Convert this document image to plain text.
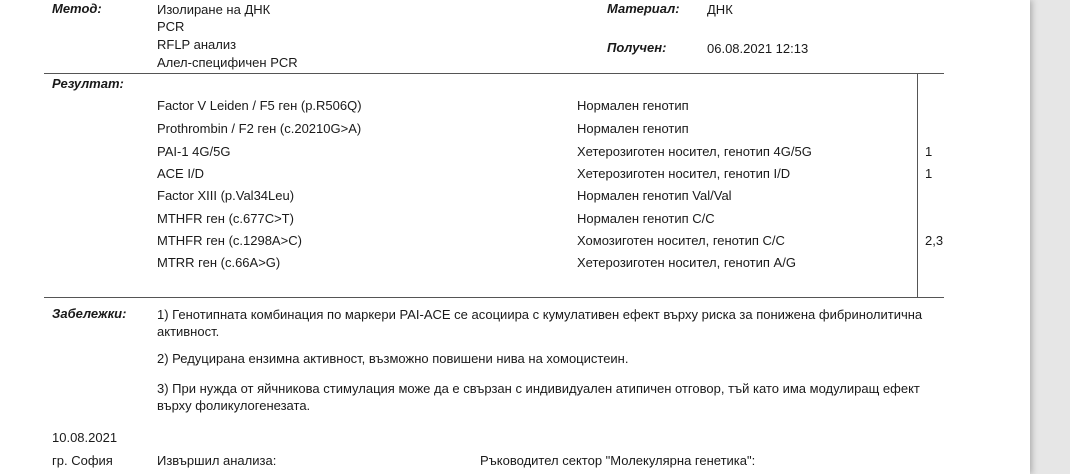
Метод:	Изолиране на ДНК
PCR
RFLP анализ
Алел-специфичен PCR
Материал: ДНК
Получен:	06.08.2021 12:13
Резултат:
Factor V Leiden / F5 ген (p.R506Q)	Нормален генотип
Prothrombin / F2 ген (c.20210G>A)	Нормален генотип
PAI-1 4G/5G	Хетерозиготен носител, генотип 4G/5G	1
ACE I/D	Хетерозиготен носител, генотип I/D	1
Factor XIII (p.Val34Leu)	Нормален генотип Val/Val
MTHFR ген (c.677C>T)	Нормален генотип C/C
MTHFR ген (c.1298A>C)	Хомозиготен носител, генотип C/C	2,3
MTRR ген (c.66A>G)	Хетерозиготен носител, генотип A/G
Забележки: 1) Генотипната комбинация по маркери PAI-ACE се асоциира с кумулативен ефект върху риска за понижена фибринолитична активност.
2) Редуцирана ензимна активност, възможно повишени нива на хомоцистеин.
3) При нужда от яйчникова стимулация може да е свързан с индивидуален атипичен отговор, тъй като има модулиращ ефект върху фоликулогенезата.
10.08.2021
гр. София	Извършил анализа:	Ръководител сектор "Молекулярна генетика":
